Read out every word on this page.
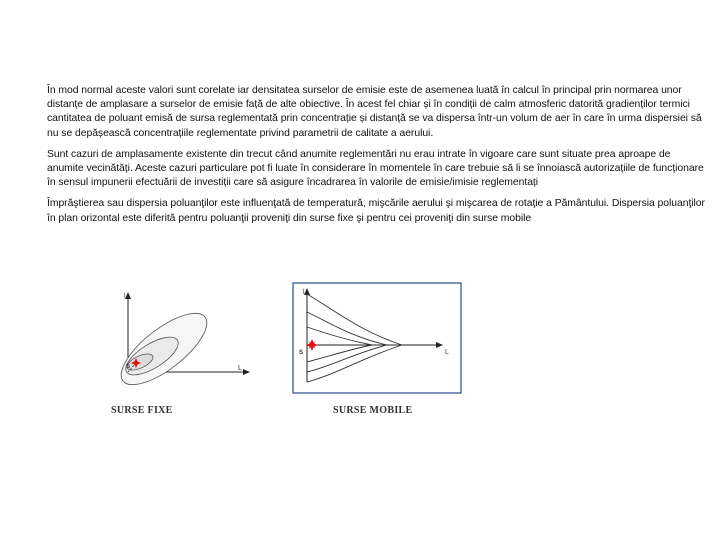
În mod normal aceste valori sunt corelate iar densitatea surselor de emisie este de asemenea luată în calcul în principal prin normarea unor distanțe de amplasare a surselor de emisie față de alte obiective. În acest fel chiar și în condiții de calm atmosferic datorită gradienților termici cantitatea de poluant emisă de sursa reglementată prin concentrație și distanță se va dispersa într-un volum de aer în care în urma dispersiei să nu se depășească concentrațiile reglementate privind parametrii de calitate a aerului.

Sunt cazuri de amplasamente existente din trecut când anumite reglementări nu erau intrate în vigoare care sunt situate prea aproape de anumite vecinătăți. Aceste cazuri particulare pot fi luate în considerare în momentele în care trebuie să li se înnoiască autorizațiile de funcționare în sensul impunerii efectuării de investiții care să asigure încadrarea în valorile de emisie/imisie reglementați

Împrăştierea sau dispersia poluanţilor este influenţată de temperatură, mişcările aerului şi mişcarea de rotaţie a Pământului. Dispersia poluanţilor în plan orizontal este diferită pentru poluanţii proveniţi din surse fixe şi pentru cei proveniţi din surse mobile

l
L
S
SURSE FIXE
l
L
S
SURSE MOBILE
